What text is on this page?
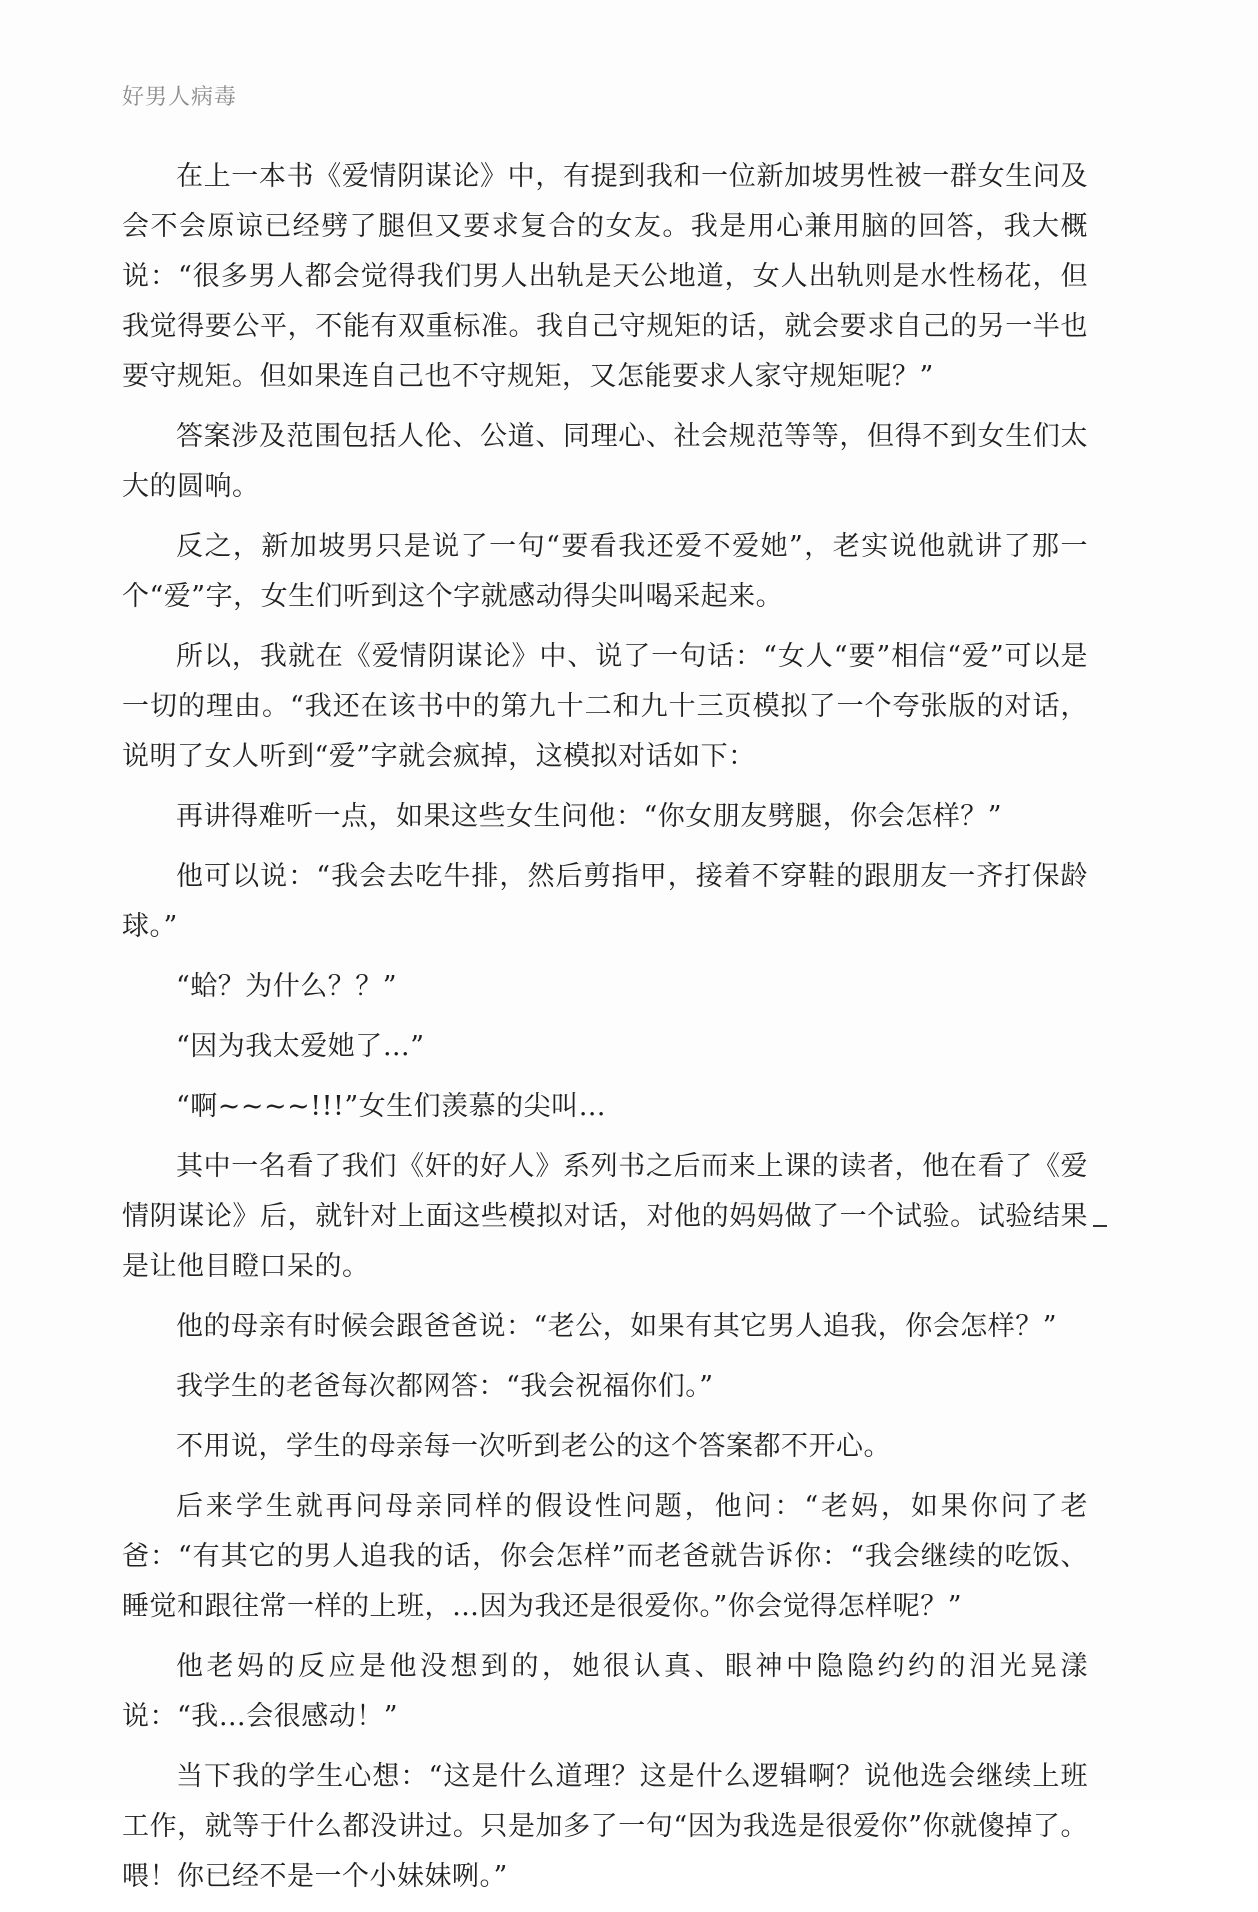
好男人病毒

在上一本书《爱情阴谋论》中，有提到我和一位新加坡男性被一群女生问及会不会原谅已经劈了腿但又要求复合的女友。我是用心兼用脑的回答，我大概说：“很多男人都会觉得我们男人出轨是天公地道，女人出轨则是水性杨花，但我觉得要公平，不能有双重标准。我自己守规矩的话，就会要求自己的另一半也要守规矩。但如果连自己也不守规矩，又怎能要求人家守规矩呢？”

答案涉及范围包括人伦、公道、同理心、社会规范等等，但得不到女生们太大的圆响。

反之，新加坡男只是说了一句“要看我还爱不爱她”，老实说他就讲了那一个“爱”字，女生们听到这个字就感动得尖叫喝采起来。

所以，我就在《爱情阴谋论》中、说了一句话：“女人“要”相信“爱”可以是一切的理由。“我还在该书中的第九十二和九十三页模拟了一个夸张版的对话，说明了女人听到“爱”字就会疯掉，这模拟对话如下：

再讲得难听一点，如果这些女生问他：“你女朋友劈腿，你会怎样？”

他可以说：“我会去吃牛排，然后剪指甲，接着不穿鞋的跟朋友一齐打保龄球。”

“蛤？为什么？？”

“因为我太爱她了…”

“啊~~~~!!!”女生们羡慕的尖叫…

其中一名看了我们《奸的好人》系列书之后而来上课的读者，他在看了《爱情阴谋论》后，就针对上面这些模拟对话，对他的妈妈做了一个试验。试验结果是让他目瞪口呆的。

他的母亲有时候会跟爸爸说：“老公，如果有其它男人追我，你会怎样？”

我学生的老爸每次都网答：“我会祝福你们。”

不用说，学生的母亲每一次听到老公的这个答案都不开心。

后来学生就再问母亲同样的假设性问题，他问：“老妈，如果你问了老爸：“有其它的男人追我的话，你会怎样”而老爸就告诉你：“我会继续的吃饭、睡觉和跟往常一样的上班，…因为我还是很爱你。”你会觉得怎样呢？”

他老妈的反应是他没想到的，她很认真、眼神中隐隐约约的泪光晃漾说：“我…会很感动！”

当下我的学生心想：“这是什么道理？这是什么逻辑啊？说他选会继续上班工作，就等于什么都没讲过。只是加多了一句“因为我选是很爱你”你就傻掉了。喂！你已经不是一个小妹妹咧。”
